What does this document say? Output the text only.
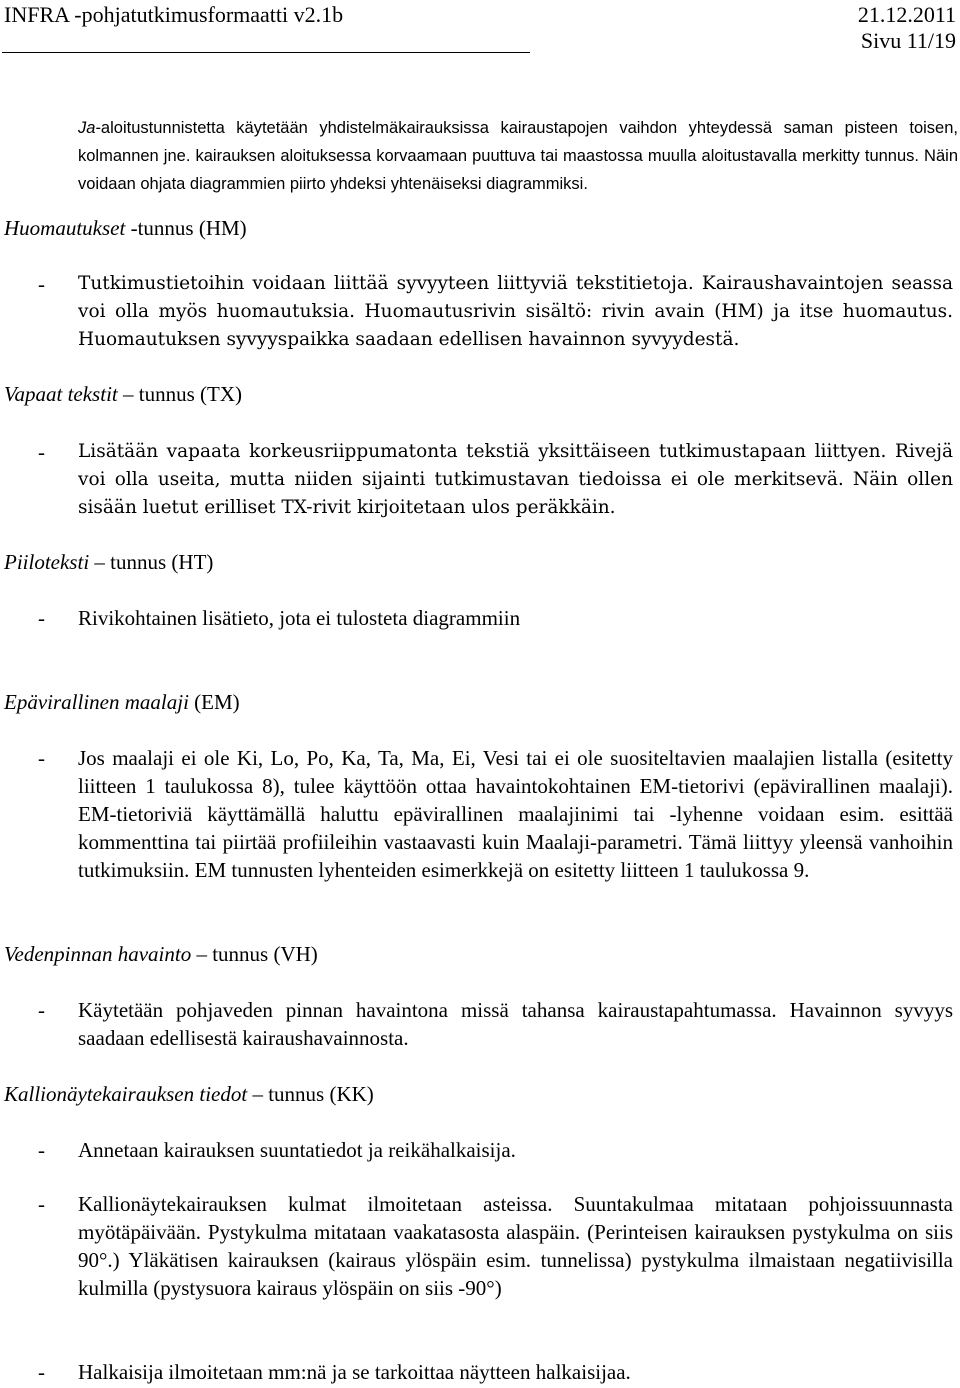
INFRA -pohjatutkimusformaatti v2.1b	21.12.2011
Sivu 11/19
Ja-aloitustunnistetta käytetään yhdistelmäkairauksissa kairaustapojen vaihdon yhteydessä saman pisteen toisen, kolmannen jne. kairauksen aloituksessa korvaamaan puuttuva tai maastossa muulla aloitustavalla merkitty tunnus. Näin voidaan ohjata diagrammien piirto yhdeksi yhtenäiseksi diagrammiksi.
Huomautukset -tunnus (HM)
- Tutkimustietoihin voidaan liittää syvyyteen liittyviä tekstitietoja. Kairaushavaintojen seassa voi olla myös huomautuksia. Huomautusrivin sisältö: rivin avain (HM) ja itse huomautus. Huomautuksen syvyyspaikka saadaan edellisen havainnon syvyydestä.
Vapaat tekstit – tunnus (TX)
- Lisätään vapaata korkeusriippumatonta tekstiä yksittäiseen tutkimustapaan liittyen. Rivejä voi olla useita, mutta niiden sijainti tutkimustavan tiedoissa ei ole merkitsevä. Näin ollen sisään luetut erilliset TX-rivit kirjoitetaan ulos peräkkäin.
Piiloteksti – tunnus (HT)
- Rivikohtainen lisätieto, jota ei tulosteta diagrammiin
Epävirallinen maalaji (EM)
- Jos maalaji ei ole Ki, Lo, Po, Ka, Ta, Ma, Ei, Vesi tai ei ole suositeltavien maalajien listalla (esitetty liitteen 1 taulukossa 8), tulee käyttöön ottaa havaintokohtainen EM-tietorivi (epävirallinen maalaji). EM-tietoriviä käyttämällä haluttu epävirallinen maalajinimi tai -lyhenne voidaan esim. esittää kommenttina tai piirtää profiileihin vastaavasti kuin Maalaji-parametri. Tämä liittyy yleensä vanhoihin tutkimuksiin. EM tunnusten lyhenteiden esimerkkejä on esitetty liitteen 1 taulukossa 9.
Vedenpinnan havainto – tunnus (VH)
- Käytetään pohjaveden pinnan havaintona missä tahansa kairaustapahtumassa. Havainnon syvyys saadaan edellisestä kairaushavainnosta.
Kallionäytekairauksen tiedot – tunnus (KK)
- Annetaan kairauksen suuntatiedot ja reikähalkaisija.
- Kallionäytekairauksen kulmat ilmoitetaan asteissa. Suuntakulmaa mitataan pohjoissuunnasta myötäpäivään. Pystykulma mitataan vaakatasosta alaspäin. (Perinteisen kairauksen pystykulma on siis 90°.) Yläkätisen kairauksen (kairaus ylöspäin esim. tunnelissa) pystykulma ilmaistaan negatiivisilla kulmilla (pystysuora kairaus ylöspäin on siis -90°)
- Halkaisija ilmoitetaan mm:nä ja se tarkoittaa näytteen halkaisijaa.
